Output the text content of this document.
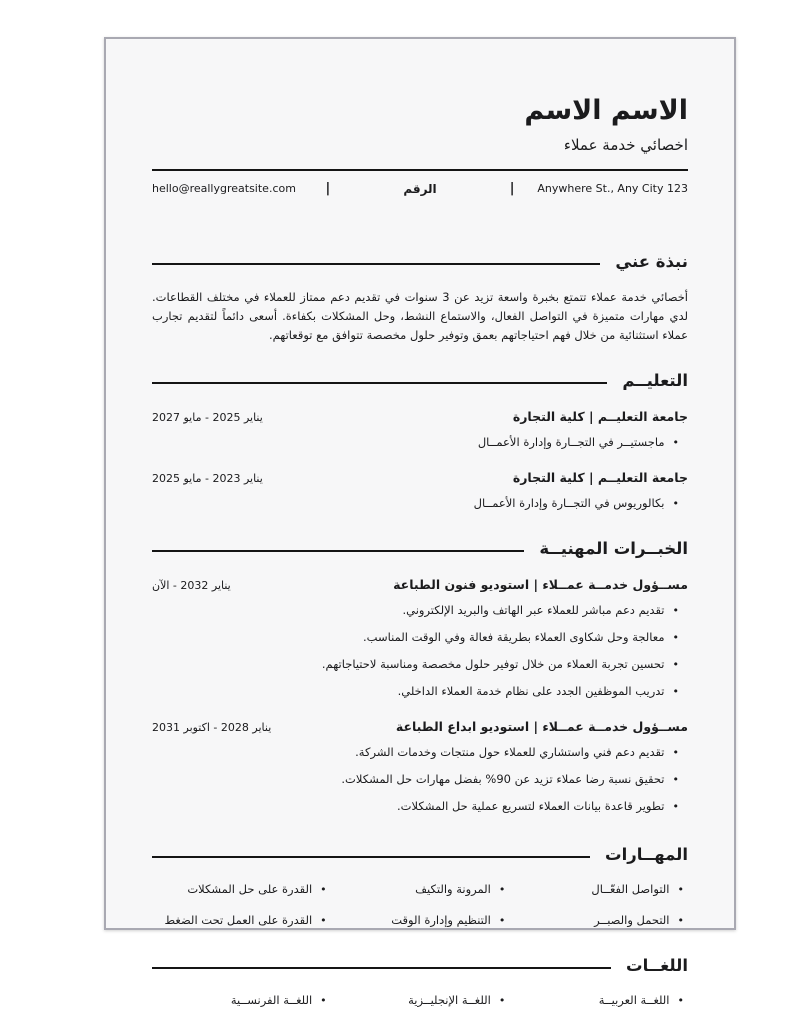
الاسم الاسم
اخصائي خدمة عملاء
123 Anywhere St., Any City
|
الرقم
|
hello@reallygreatsite.com
نبذة عني

أخصائي خدمة عملاء تتمتع بخبرة واسعة تزيد عن 3 سنوات في تقديم دعم ممتاز للعملاء في مختلف القطاعات. لدي مهارات متميزة في التواصل الفعال، والاستماع النشط، وحل المشكلات بكفاءة. أسعى دائماً لتقديم تجارب عملاء استثنائية من خلال فهم احتياجاتهم بعمق وتوفير حلول مخصصة تتوافق مع توقعاتهم.

التعليــم
جامعة التعليــم | كلية التجارة
يناير 2025 - مايو 2027
•
ماجستيــر في التجــارة وإدارة الأعمــال
جامعة التعليــم | كلية التجارة
يناير 2023 - مايو 2025
•
بكالوريوس في التجــارة وإدارة الأعمــال
الخبــرات المهنيــة
مســؤول خدمــة عمــلاء | استوديو فنون الطباعة
يناير 2032 - الآن
•
تقديم دعم مباشر للعملاء عبر الهاتف والبريد الإلكتروني.
•
معالجة وحل شكاوى العملاء بطريقة فعالة وفي الوقت المناسب.
•
تحسين تجربة العملاء من خلال توفير حلول مخصصة ومناسبة لاحتياجاتهم.
•
تدريب الموظفين الجدد على نظام خدمة العملاء الداخلي.
مســؤول خدمــة عمــلاء | استوديو ابداع الطباعة
يناير 2028 - اكتوبر 2031
•
تقديم دعم فني واستشاري للعملاء حول منتجات وخدمات الشركة.
•
تحقيق نسبة رضا عملاء تزيد عن 90% بفضل مهارات حل المشكلات.
•
تطوير قاعدة بيانات العملاء لتسريع عملية حل المشكلات.
المهــارات
•
التواصل الفعّــال
•
المرونة والتكيف
•
القدرة على حل المشكلات
•
التحمل والصبــر
•
التنظيم وإدارة الوقت
•
القدرة على العمل تحت الضغط
اللغــات
•
اللغــة العربيــة
•
اللغــة الإنجليــزية
•
اللغــة الفرنســية
